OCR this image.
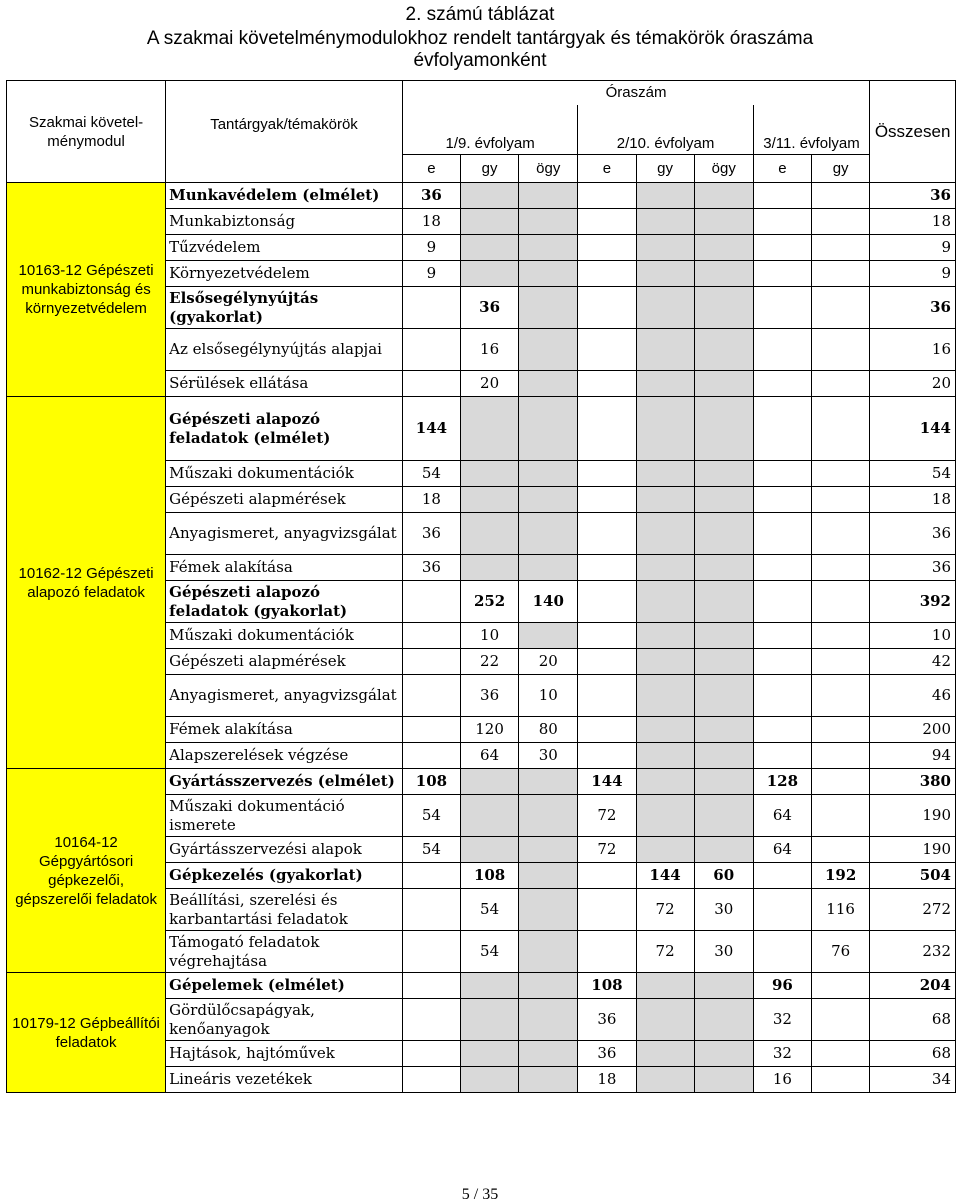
2. számú táblázat
A szakmai követelménymodulokhoz rendelt tantárgyak és témakörök óraszáma
évfolyamonként
Szakmai követel-ménymodul	Tantárgyak/témakörök	Óraszám								Összesen
		1/9. évfolyam			2/10. évfolyam			3/11. évfolyam		
		e	gy	ögy	e	gy	ögy	e	gy	
10163-12 Gépészeti munkabiztonság és környezetvédelem	Munkavédelem (elmélet)	36								36
	Munkabiztonság	18								18
	Tűzvédelem	9								9
	Környezetvédelem	9								9
	Elsősegélynyújtás (gyakorlat)		36							36
	Az elsősegélynyújtás alapjai		16							16
	Sérülések ellátása		20							20
10162-12 Gépészeti alapozó feladatok	Gépészeti alapozó feladatok (elmélet)	144								144
	Műszaki dokumentációk	54								54
	Gépészeti alapmérések	18								18
	Anyagismeret, anyagvizsgálat	36								36
	Fémek alakítása	36								36
	Gépészeti alapozó feladatok (gyakorlat)		252	140						392
	Műszaki dokumentációk		10							10
	Gépészeti alapmérések		22	20						42
	Anyagismeret, anyagvizsgálat		36	10						46
	Fémek alakítása		120	80						200
	Alapszerelések végzése		64	30						94
10164-12 Gépgyártósori gépkezelői, gépszerelői feladatok	Gyártásszervezés (elmélet)	108			144			128		380
	Műszaki dokumentáció ismerete	54			72			64		190
	Gyártásszervezési alapok	54			72			64		190
	Gépkezelés (gyakorlat)		108			144	60		192	504
	Beállítási, szerelési és karbantartási feladatok		54			72	30		116	272
	Támogató feladatok végrehajtása		54			72	30		76	232
10179-12 Gépbeállítói feladatok	Gépelemek (elmélet)				108			96		204
	Gördülőcsapágyak, kenőanyagok				36			32		68
	Hajtások, hajtóművek				36			32		68
	Lineáris vezetékek				18			16		34
5 / 35
